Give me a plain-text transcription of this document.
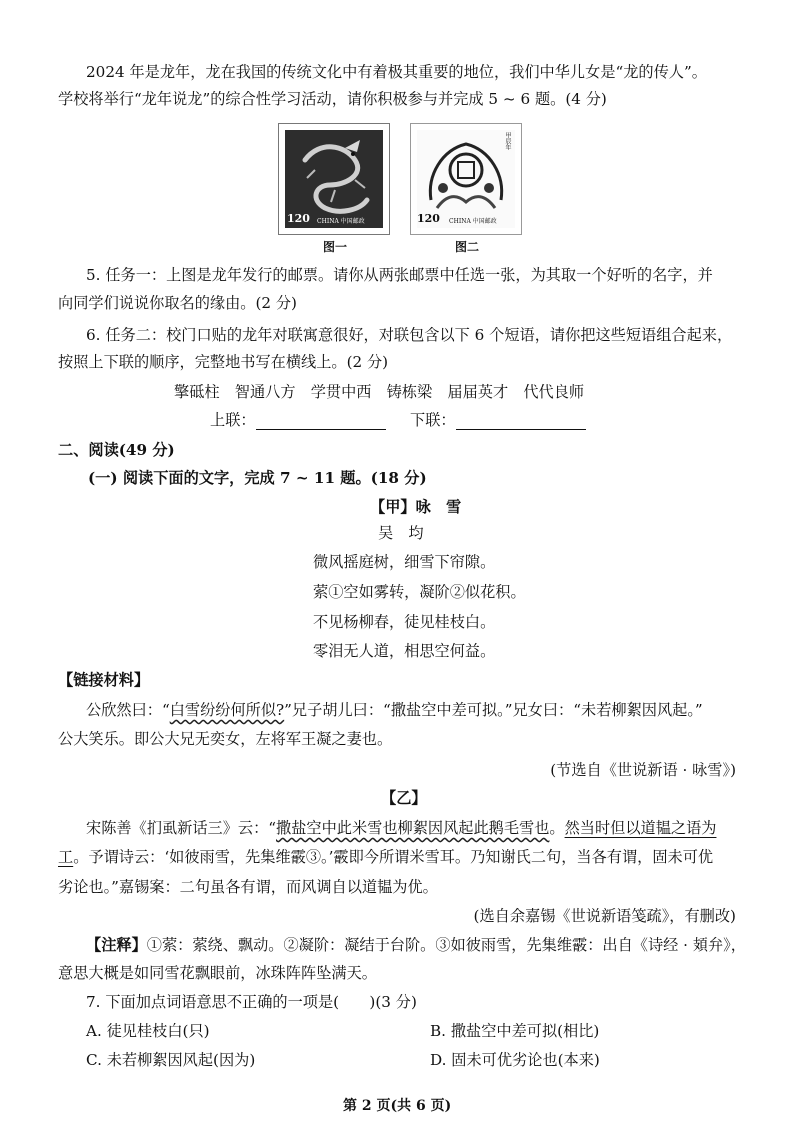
2024 年是龙年，龙在我国的传统文化中有着极其重要的地位，我们中华儿女是“龙的传人”。
学校将举行“龙年说龙”的综合性学习活动，请你积极参与并完成 5 ~ 6 题。(4 分)
120 CHINA 中国邮政
图一
120 CHINA 中国邮政
甲辰年
图二
5. 任务一：上图是龙年发行的邮票。请你从两张邮票中任选一张，为其取一个好听的名字，并
向同学们说说你取名的缘由。(2 分)
6. 任务二：校门口贴的龙年对联寓意很好，对联包含以下 6 个短语，请你把这些短语组合起来，
按照上下联的顺序，完整地书写在横线上。(2 分)
擎砥柱　智通八方　学贯中西　铸栋梁　届届英才　代代良师
上联：	下联：
二、阅读(49 分)
(一) 阅读下面的文字，完成 7 ~ 11 题。(18 分)
【甲】咏　雪
吴　均
微风摇庭树，细雪下帘隙。
萦①空如雾转，凝阶②似花积。
不见杨柳春，徒见桂枝白。
零泪无人道，相思空何益。
【链接材料】
公欣然曰：“白雪纷纷何所似?”兄子胡儿曰：“撒盐空中差可拟。”兄女曰：“未若柳絮因风起。”
公大笑乐。即公大兄无奕女，左将军王凝之妻也。
(节选自《世说新语 · 咏雪》)
【乙】
宋陈善《扪虱新话三》云：“撒盐空中此米雪也柳絮因风起此鹅毛雪也。然当时但以道韫之语为
工。予谓诗云：‘如彼雨雪，先集维霰③。’霰即今所谓米雪耳。乃知谢氏二句，当各有谓，固未可优
劣论也。”嘉锡案：二句虽各有谓，而风调自以道韫为优。
(选自余嘉锡《世说新语笺疏》，有删改)
【注释】①萦：萦绕、飘动。②凝阶：凝结于台阶。③如彼雨雪，先集维霰：出自《诗经 · 頍弁》，
意思大概是如同雪花飘眼前，冰珠阵阵坠满天。
7. 下面加点词语意思不正确的一项是(　　)(3 分)
A. 徒见桂枝白(只)	B. 撒盐空中差可拟(相比)
C. 未若柳絮因风起(因为)	D. 固未可优劣论也(本来)
第 2 页(共 6 页)
